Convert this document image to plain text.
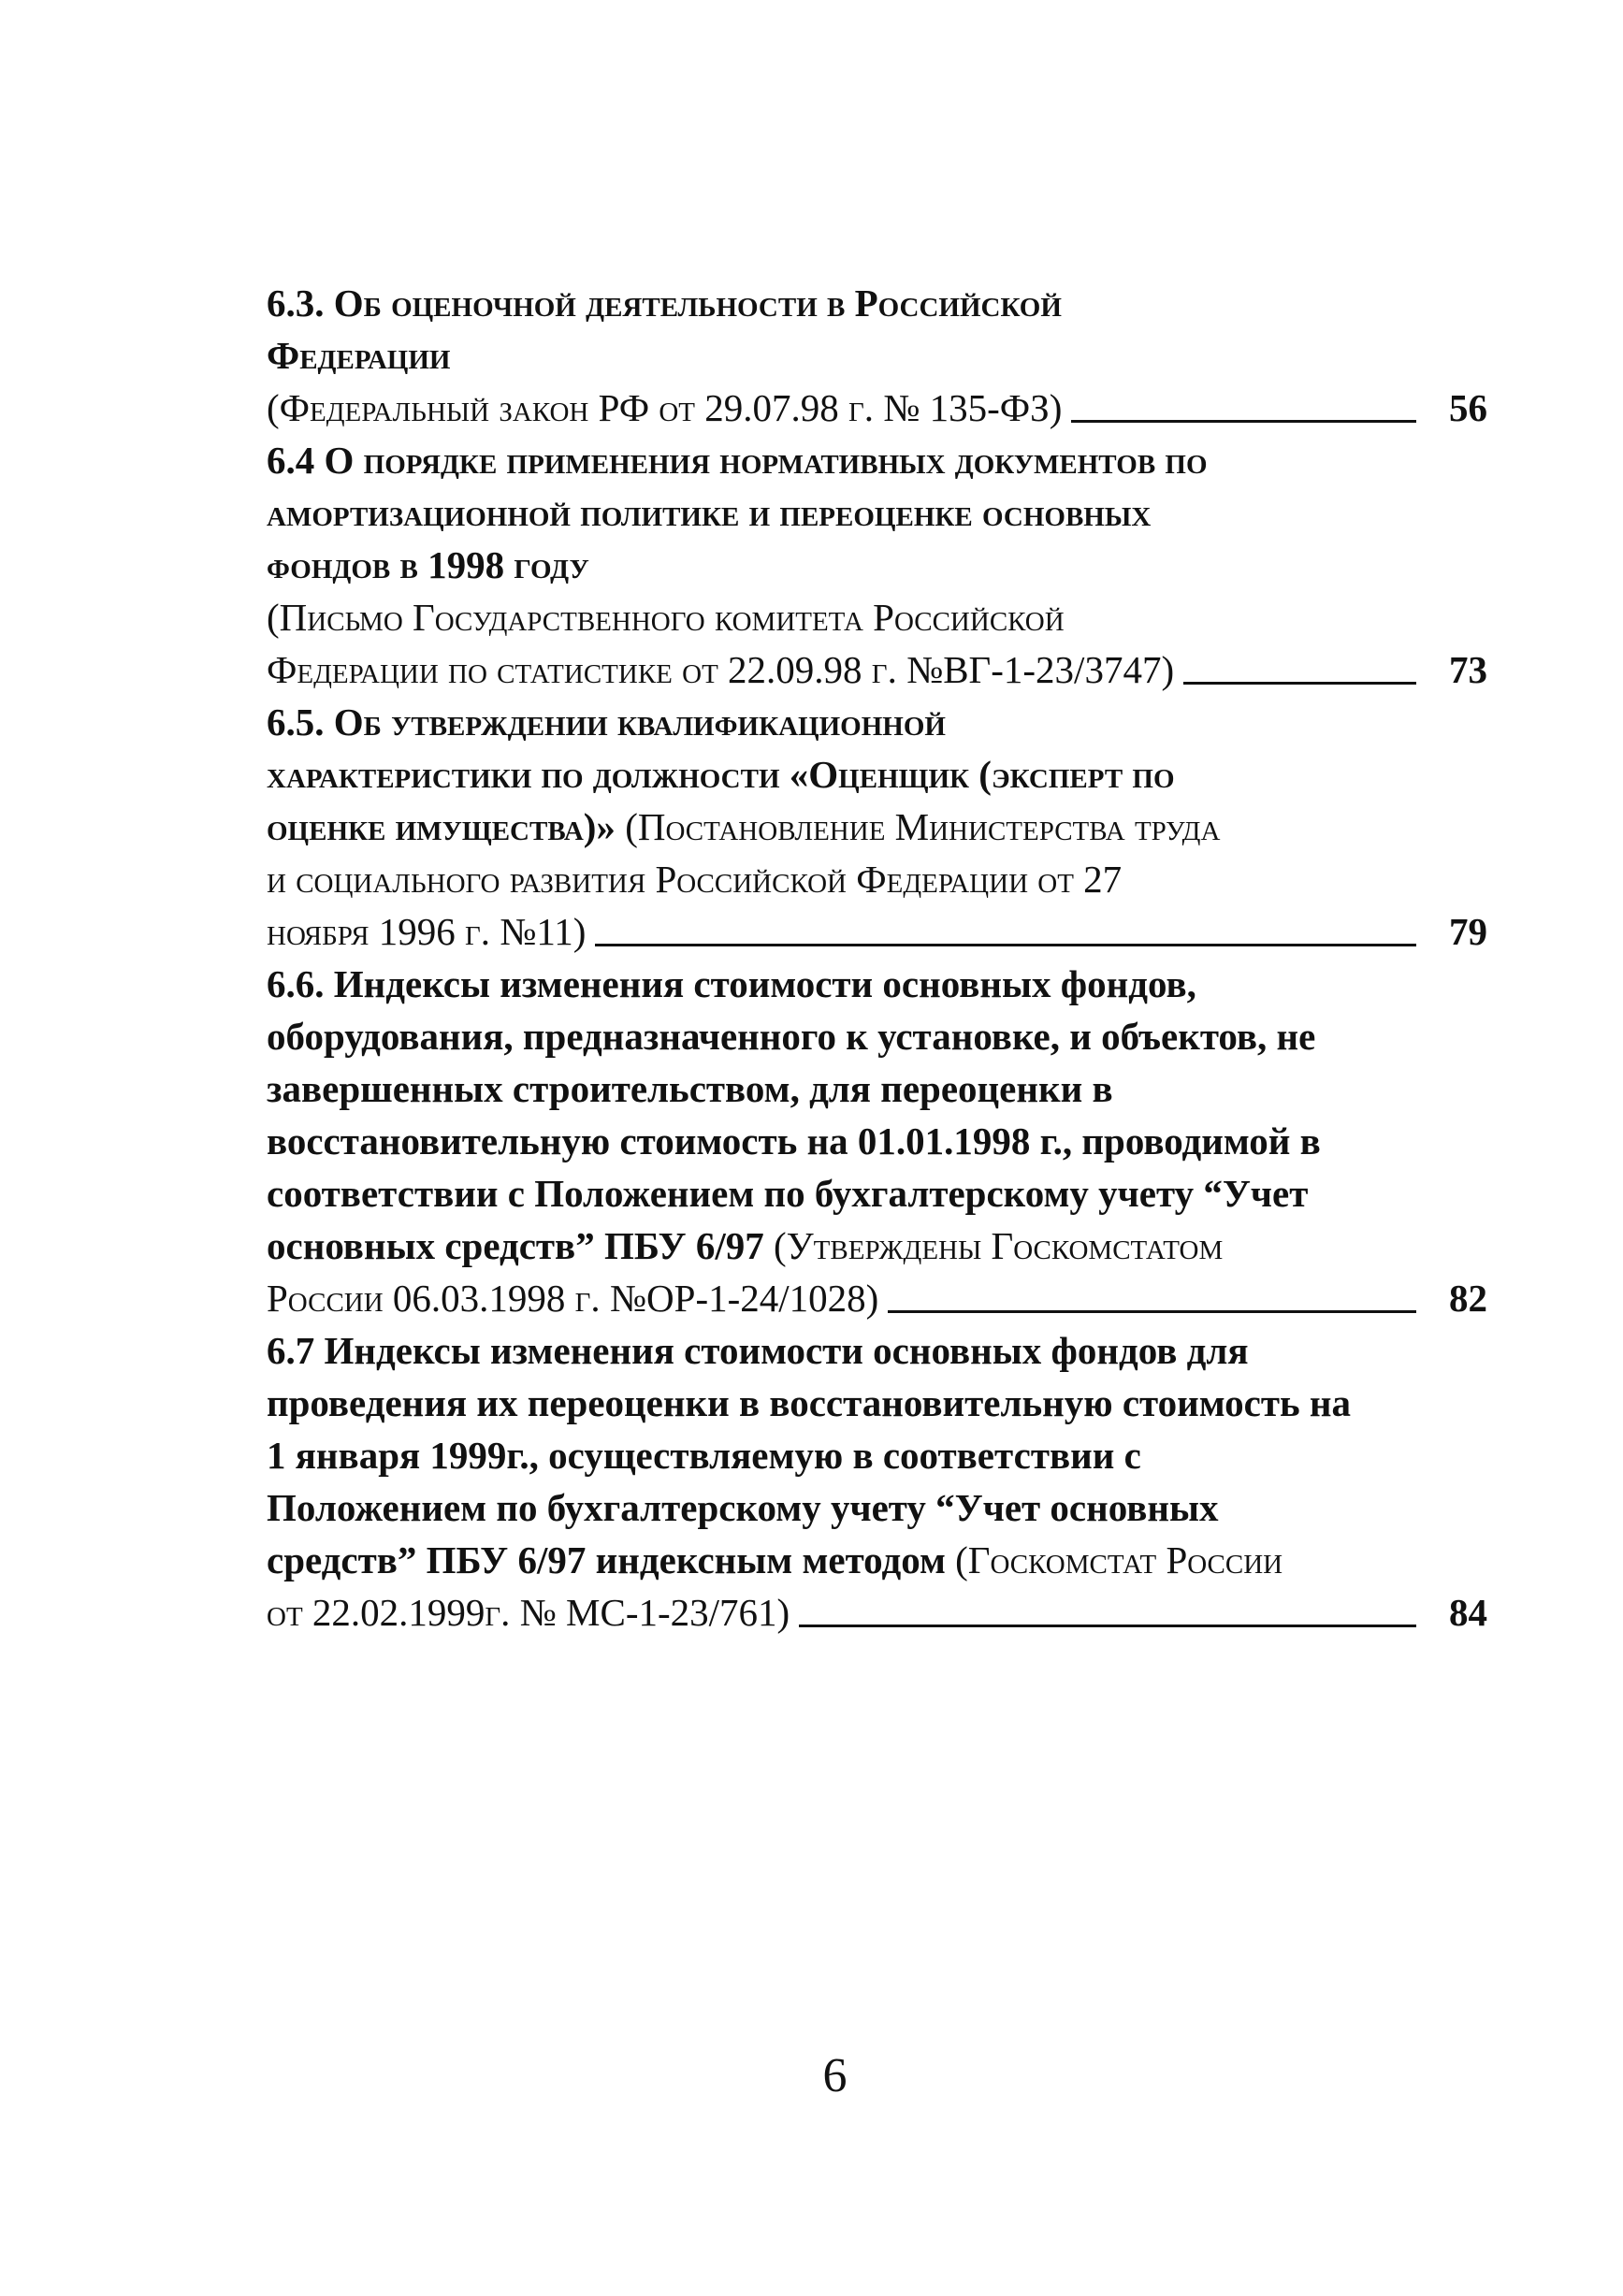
6.3. Об оценочной деятельности в Российской
Федерации
(Федеральный закон РФ от 29.07.98 г. № 135-ФЗ)	56
6.4 О порядке применения нормативных документов по
амортизационной политике и переоценке основных
фондов в 1998 году
(Письмо Государственного комитета Российской
Федерации по статистике от 22.09.98 г. №ВГ-1-23/3747)	73
6.5. Об утверждении квалификационной
характеристики по должности «Оценщик (эксперт по
оценке имущества)» (Постановление Министерства труда
и социального развития Российской Федерации от 27
ноября 1996 г. №11)	79
6.6. Индексы изменения стоимости основных фондов,
оборудования, предназначенного к установке, и объектов, не
завершенных строительством, для переоценки в
восстановительную стоимость на 01.01.1998 г., проводимой в
соответствии с Положением по бухгалтерскому учету “Учет
основных средств” ПБУ 6/97 (Утверждены Госкомстатом
России 06.03.1998 г. №ОР-1-24/1028)	82
6.7 Индексы изменения стоимости основных фондов для
проведения их переоценки в восстановительную стоимость на
1 января 1999г., осуществляемую в соответствии с
Положением по бухгалтерскому учету “Учет основных
средств” ПБУ 6/97 индексным методом (Госкомстат России
от 22.02.1999г. № МС-1-23/761)	84
6
